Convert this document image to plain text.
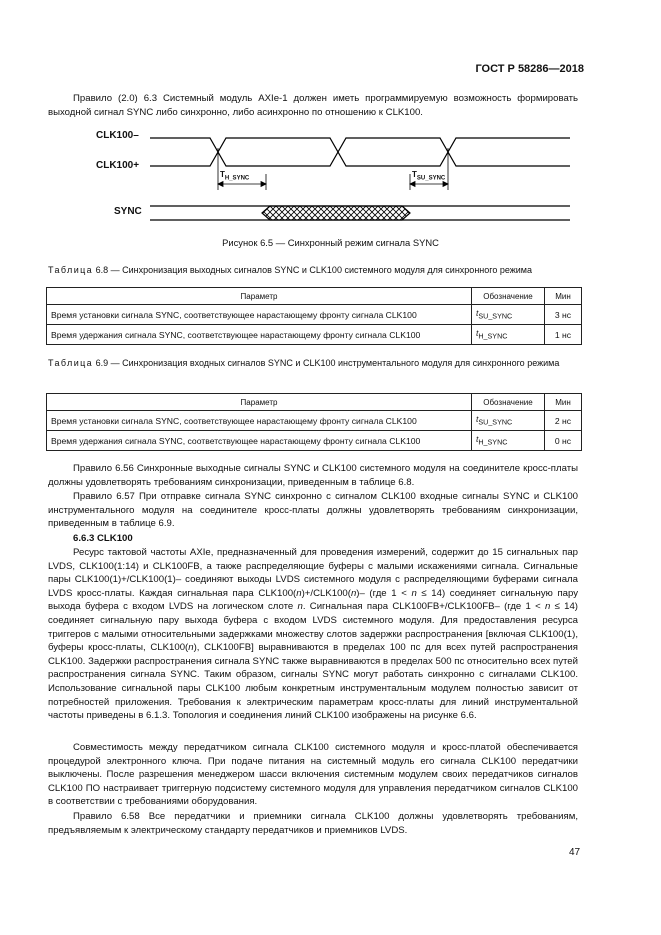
ГОСТ Р 58286—2018

Правило (2.0) 6.3 Системный модуль AXIe-1 должен иметь программируемую возможность формировать выходной сигнал SYNC либо синхронно, либо асинхронно по отношению к CLK100.

CLK100–
CLK100+
SYNC
$T_{H\_SYNC}$	$T_{SU\_SYNC}$
Рисунок 6.5 — Синхронный режим сигнала SYNC
Таблица 6.8 — Синхронизация выходных сигналов SYNC и CLK100 системного модуля для синхронного режима
Параметр	Обозначение	Мин
Время установки сигнала SYNC, соответствующее нарастающему фронту сигнала CLK100	$t_{SU\_SYNC}$	3 нс
Время удержания сигнала SYNC, соответствующее нарастающему фронту сигнала CLK100	$t_{H\_SYNC}$	1 нс
Таблица 6.9 — Синхронизация входных сигналов SYNC и CLK100 инструментального модуля для синхронного режима
Параметр	Обозначение	Мин
Время установки сигнала SYNC, соответствующее нарастающему фронту сигнала CLK100	$t_{SU\_SYNC}$	2 нс
Время удержания сигнала SYNC, соответствующее нарастающему фронту сигнала CLK100	$t_{H\_SYNC}$	0 нс

Правило 6.56 Синхронные выходные сигналы SYNC и CLK100 системного модуля на соединителе кросс-платы должны удовлетворять требованиям синхронизации, приведенным в таблице 6.8.

Правило 6.57 При отправке сигнала SYNC синхронно с сигналом CLK100 входные сигналы SYNC и CLK100 инструментального модуля на соединителе кросс-платы должны удовлетворять требованиям синхронизации, приведенным в таблице 6.9.

6.6.3 CLK100

Ресурс тактовой частоты AXIe, предназначенный для проведения измерений, содержит до 15 сигнальных пар LVDS, CLK100(1:14) и CLK100FB, а также распределяющие буферы с малыми искажениями сигнала. Сигнальные пары CLK100(1)+/CLK100(1)– соединяют выходы LVDS системного модуля с распределяющими буферами сигнала LVDS кросс-платы. Каждая сигнальная пара CLK100(n)+/CLK100(n)– (где 1 < n ≤ 14) соединяет сигнальную пару выхода буфера с входом LVDS на логическом слоте n. Сигнальная пара CLK100FB+/CLK100FB– (где 1 < n ≤ 14) соединяет сигнальную пару выхода буфера с входом LVDS системного модуля. Для предоставления ресурса триггеров с малыми относительными задержками множеству слотов задержки распространения [включая CLK100(1), буферы кросс-платы, CLK100(n), CLK100FB] выравниваются в пределах 100 пс для всех путей распространения CLK100. Задержки распространения сигнала SYNC также выравниваются в пределах 500 пс относительно всех путей распространения сигнала SYNC. Таким образом, сигналы SYNC могут работать синхронно с сигналами CLK100. Использование сигнальной пары CLK100 любым конкретным инструментальным модулем полностью зависит от потребностей приложения. Требования к электрическим параметрам кросс-платы для линий инструментальной частоты приведены в 6.1.3. Топология и соединения линий CLK100 изображены на рисунке 6.6.

Совместимость между передатчиком сигнала CLK100 системного модуля и кросс-платой обеспечивается процедурой электронного ключа. При подаче питания на системный модуль его сигнала CLK100 передатчики выключены. После разрешения менеджером шасси включения системным модулем своих передатчиков сигналов CLK100 ПО настраивает триггерную подсистему системного модуля для управления передатчиком сигналов CLK100 в соответствии с требованиями оборудования.

Правило 6.58 Все передатчики и приемники сигнала CLK100 должны удовлетворять требованиям, предъявляемым к электрическому стандарту передатчиков и приемников LVDS.

47
